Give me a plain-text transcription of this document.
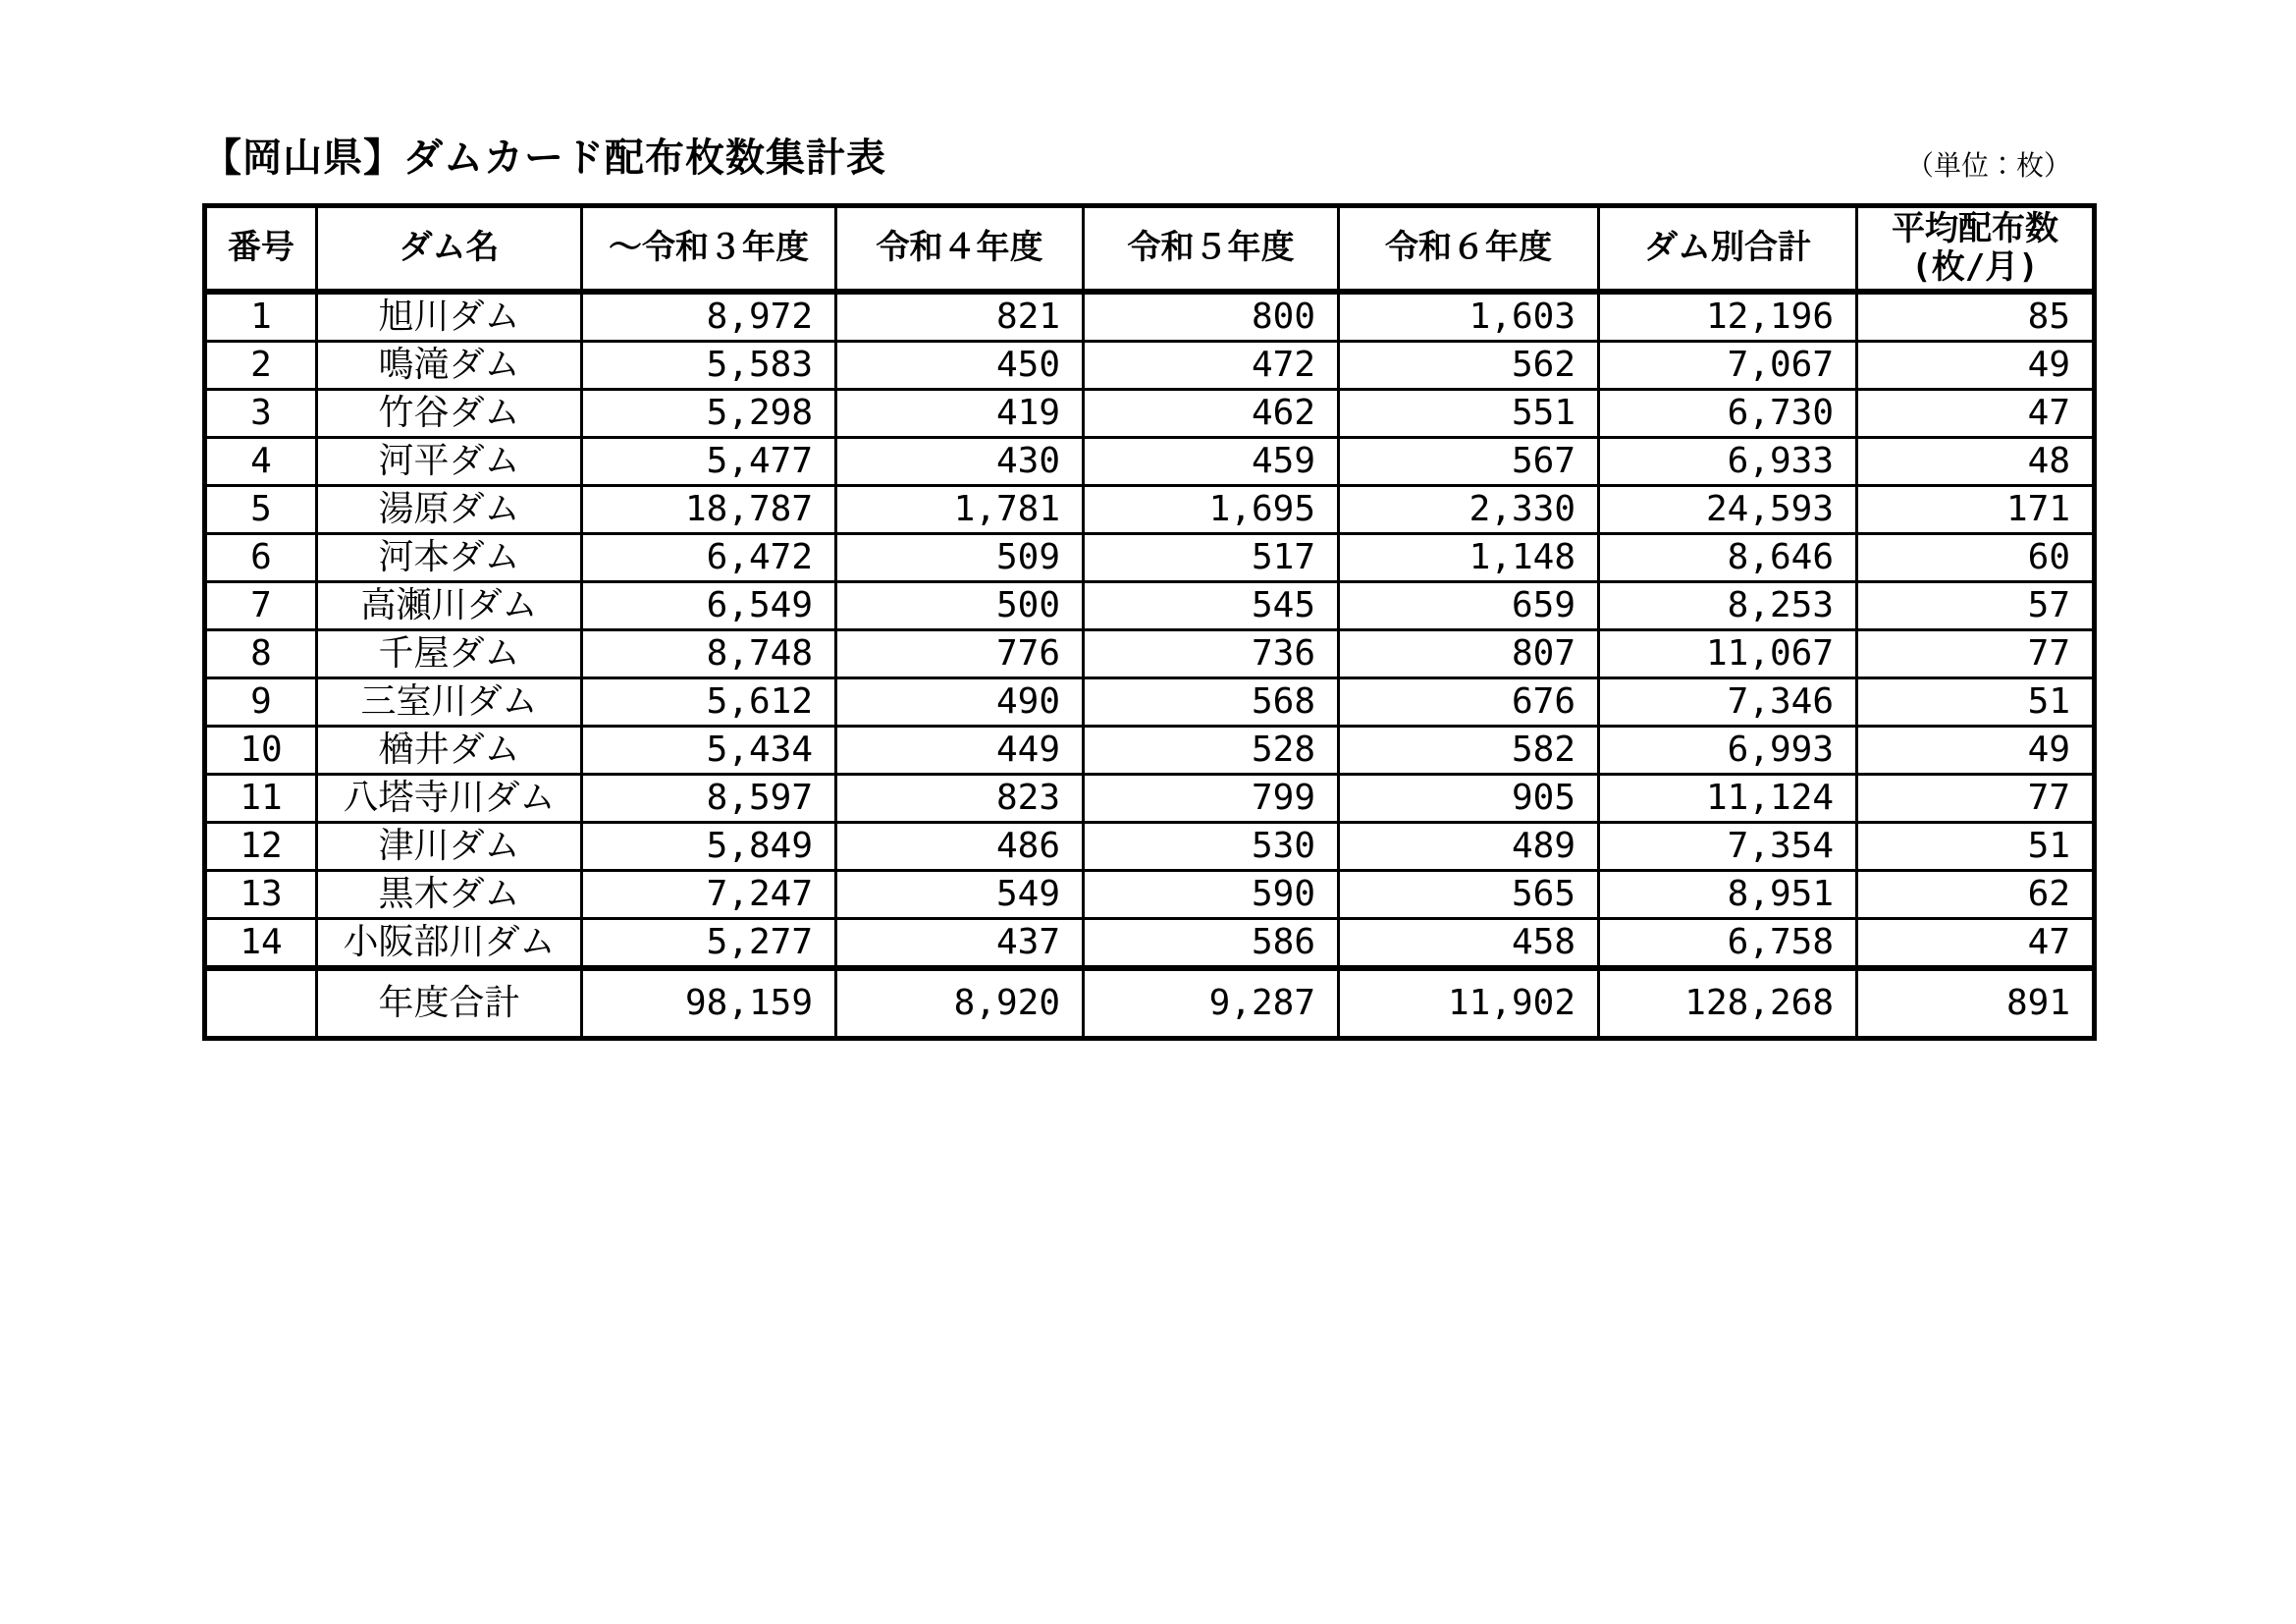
【岡山県】ダムカード配布枚数集計表	（単位：枚）
番号	ダム名	～令和３年度	令和４年度	令和５年度	令和６年度	ダム別合計	平均配布数
(枚/月)

1	旭川ダム	8,972	821	800	1,603	12,196	85
2	鳴滝ダム	5,583	450	472	562	7,067	49
3	竹谷ダム	5,298	419	462	551	6,730	47
4	河平ダム	5,477	430	459	567	6,933	48
5	湯原ダム	18,787	1,781	1,695	2,330	24,593	171
6	河本ダム	6,472	509	517	1,148	8,646	60
7	高瀬川ダム	6,549	500	545	659	8,253	57
8	千屋ダム	8,748	776	736	807	11,067	77
9	三室川ダム	5,612	490	568	676	7,346	51
10	楢井ダム	5,434	449	528	582	6,993	49
11	八塔寺川ダム	8,597	823	799	905	11,124	77
12	津川ダム	5,849	486	530	489	7,354	51
13	黒木ダム	7,247	549	590	565	8,951	62
14	小阪部川ダム	5,277	437	586	458	6,758	47
	年度合計	98,159	8,920	9,287	11,902	128,268	891
